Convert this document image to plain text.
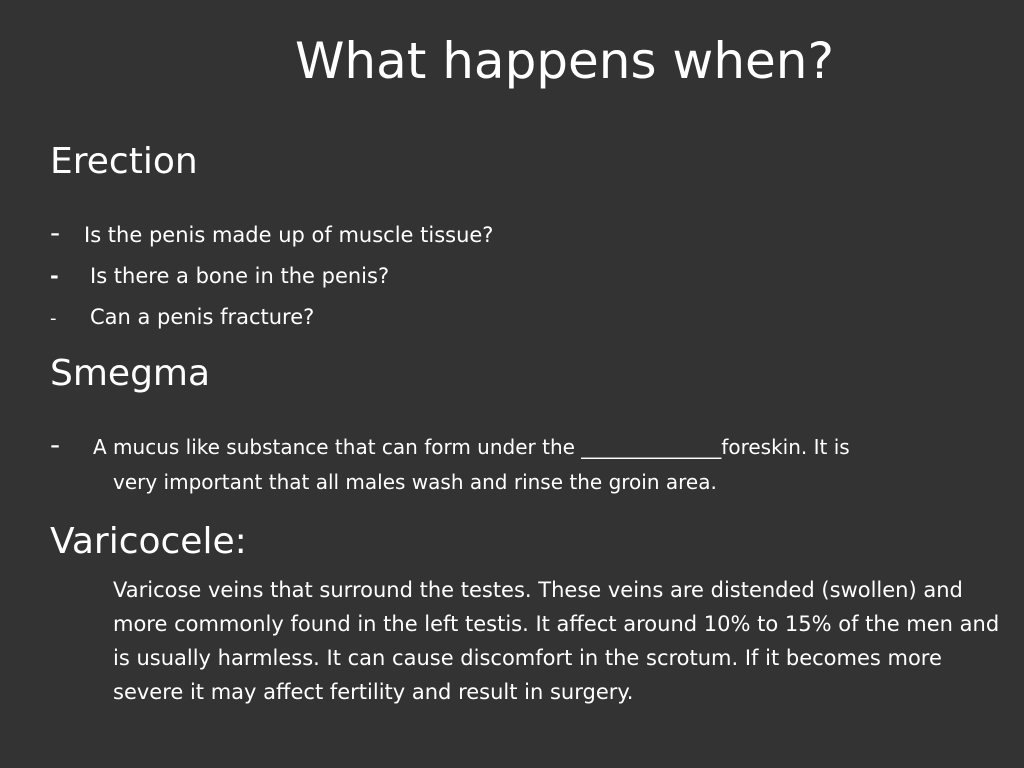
What happens when?
Erection
- Is the penis made up of muscle tissue?
- Is there a bone in the penis?
- Can a penis fracture?
Smegma
- A mucus like substance that can form under the ______________foreskin. It is
very important that all males wash and rinse the groin area.
Varicocele:
Varicose veins that surround the testes. These veins are distended (swollen) and more commonly found in the left testis. It affect around 10% to 15% of the men and is usually harmless. It can cause discomfort in the scrotum. If it becomes more severe it may affect fertility and result in surgery.
